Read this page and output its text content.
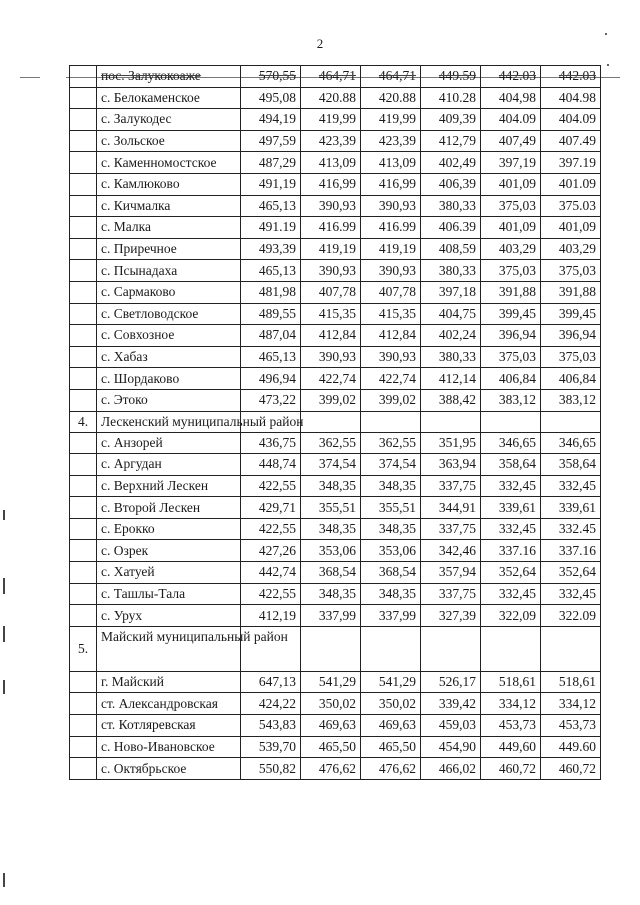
2
	пос. Залукокоаже	570,55	464,71	464,71	449.59	442.03	442.03
	с. Белокаменское	495,08	420.88	420.88	410.28	404,98	404.98
	с. Залукодес	494,19	419,99	419,99	409,39	404.09	404.09
	с. Зольское	497,59	423,39	423,39	412,79	407,49	407.49
	с. Каменномостское	487,29	413,09	413,09	402,49	397,19	397.19
	с. Камлюково	491,19	416,99	416,99	406,39	401,09	401.09
	с. Кичмалка	465,13	390,93	390,93	380,33	375,03	375.03
	с. Малка	491.19	416.99	416.99	406.39	401,09	401,09
	с. Приречное	493,39	419,19	419,19	408,59	403,29	403,29
	с. Псынадаха	465,13	390,93	390,93	380,33	375,03	375,03
	с. Сармаково	481,98	407,78	407,78	397,18	391,88	391,88
	с. Светловодское	489,55	415,35	415,35	404,75	399,45	399,45
	с. Совхозное	487,04	412,84	412,84	402,24	396,94	396,94
	с. Хабаз	465,13	390,93	390,93	380,33	375,03	375,03
	с. Шордаково	496,94	422,74	422,74	412,14	406,84	406,84
	с. Этоко	473,22	399,02	399,02	388,42	383,12	383,12
4.	Лескенский муниципальный район						
	с. Анзорей	436,75	362,55	362,55	351,95	346,65	346,65
	с. Аргудан	448,74	374,54	374,54	363,94	358,64	358,64
	с. Верхний Лескен	422,55	348,35	348,35	337,75	332,45	332,45
	с. Второй Лескен	429,71	355,51	355,51	344,91	339,61	339,61
	с. Ерокко	422,55	348,35	348,35	337,75	332,45	332.45
	с. Озрек	427,26	353,06	353,06	342,46	337.16	337.16
	с. Хатуей	442,74	368,54	368,54	357,94	352,64	352,64
	с. Ташлы-Тала	422,55	348,35	348,35	337,75	332,45	332,45
	с. Урух	412,19	337,99	337,99	327,39	322,09	322.09
5.	Майский муниципальный район						
	г. Майский	647,13	541,29	541,29	526,17	518,61	518,61
	ст. Александровская	424,22	350,02	350,02	339,42	334,12	334,12
	ст. Котляревская	543,83	469,63	469,63	459,03	453,73	453,73
	с. Ново-Ивановское	539,70	465,50	465,50	454,90	449,60	449.60
	с. Октябрьское	550,82	476,62	476,62	466,02	460,72	460,72
